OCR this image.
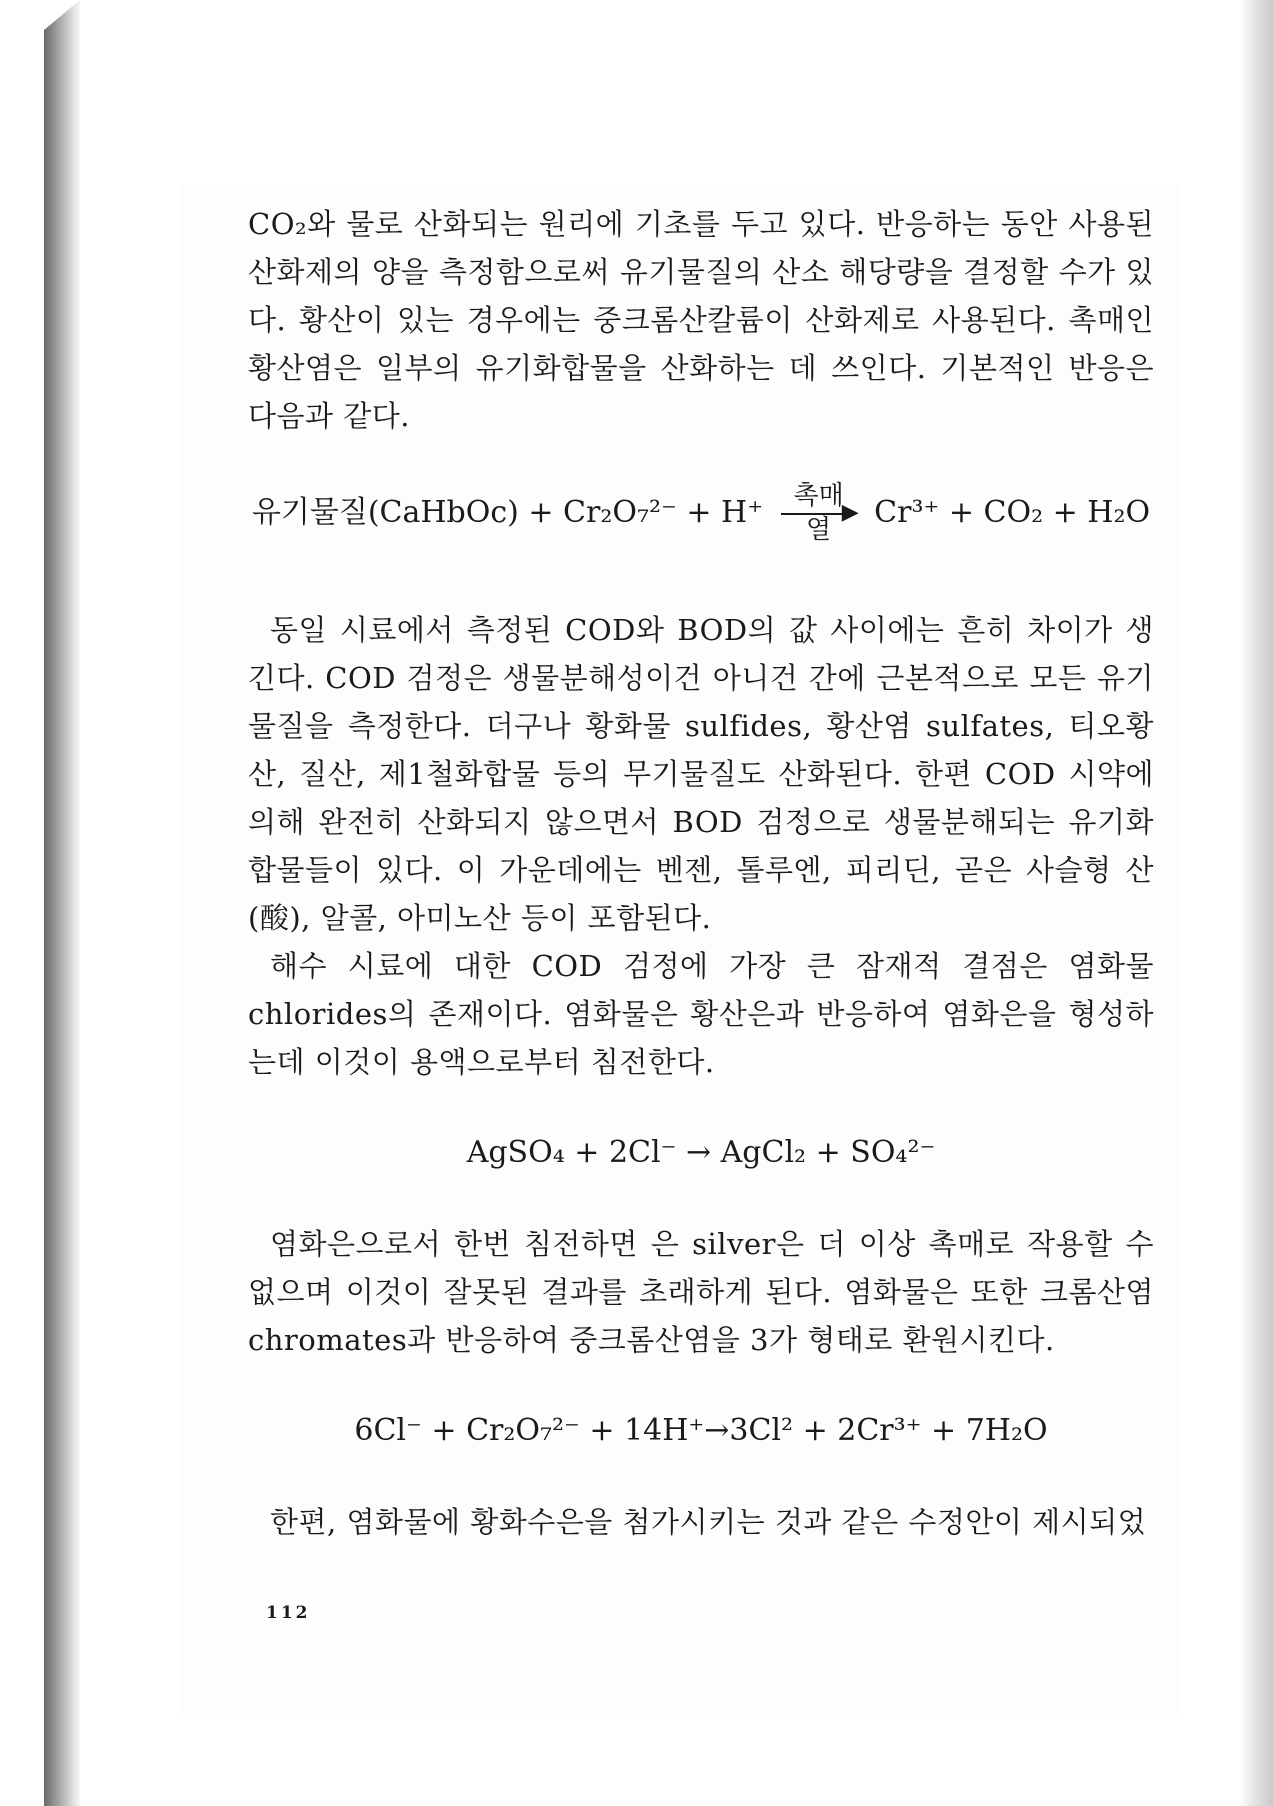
CO₂와 물로 산화되는 원리에 기초를 두고 있다. 반응하는 동안 사용된 산화제의 양을 측정함으로써 유기물질의 산소 해당량을 결정할 수가 있다. 황산이 있는 경우에는 중크롬산칼륨이 산화제로 사용된다. 촉매인 황산염은 일부의 유기화합물을 산화하는 데 쓰인다. 기본적인 반응은 다음과 같다.

유기물질(CaHbOc) + Cr₂O₇²⁻ + H⁺	촉매
▶
열	Cr³⁺ + CO₂ + H₂O

동일 시료에서 측정된 COD와 BOD의 값 사이에는 흔히 차이가 생긴다. COD 검정은 생물분해성이건 아니건 간에 근본적으로 모든 유기물질을 측정한다. 더구나 황화물 sulfides, 황산염 sulfates, 티오황산, 질산, 제1철화합물 등의 무기물질도 산화된다. 한편 COD 시약에 의해 완전히 산화되지 않으면서 BOD 검정으로 생물분해되는 유기화합물들이 있다. 이 가운데에는 벤젠, 톨루엔, 피리딘, 곧은 사슬형 산(酸), 알콜, 아미노산 등이 포함된다.

해수 시료에 대한 COD 검정에 가장 큰 잠재적 결점은 염화물 chlorides의 존재이다. 염화물은 황산은과 반응하여 염화은을 형성하는데 이것이 용액으로부터 침전한다.

AgSO₄ + 2Cl⁻ → AgCl₂ + SO₄²⁻

염화은으로서 한번 침전하면 은 silver은 더 이상 촉매로 작용할 수 없으며 이것이 잘못된 결과를 초래하게 된다. 염화물은 또한 크롬산염 chromates과 반응하여 중크롬산염을 3가 형태로 환원시킨다.

6Cl⁻ + Cr₂O₇²⁻ + 14H⁺→3Cl² + 2Cr³⁺ + 7H₂O

한편, 염화물에 황화수은을 첨가시키는 것과 같은 수정안이 제시되었

112
